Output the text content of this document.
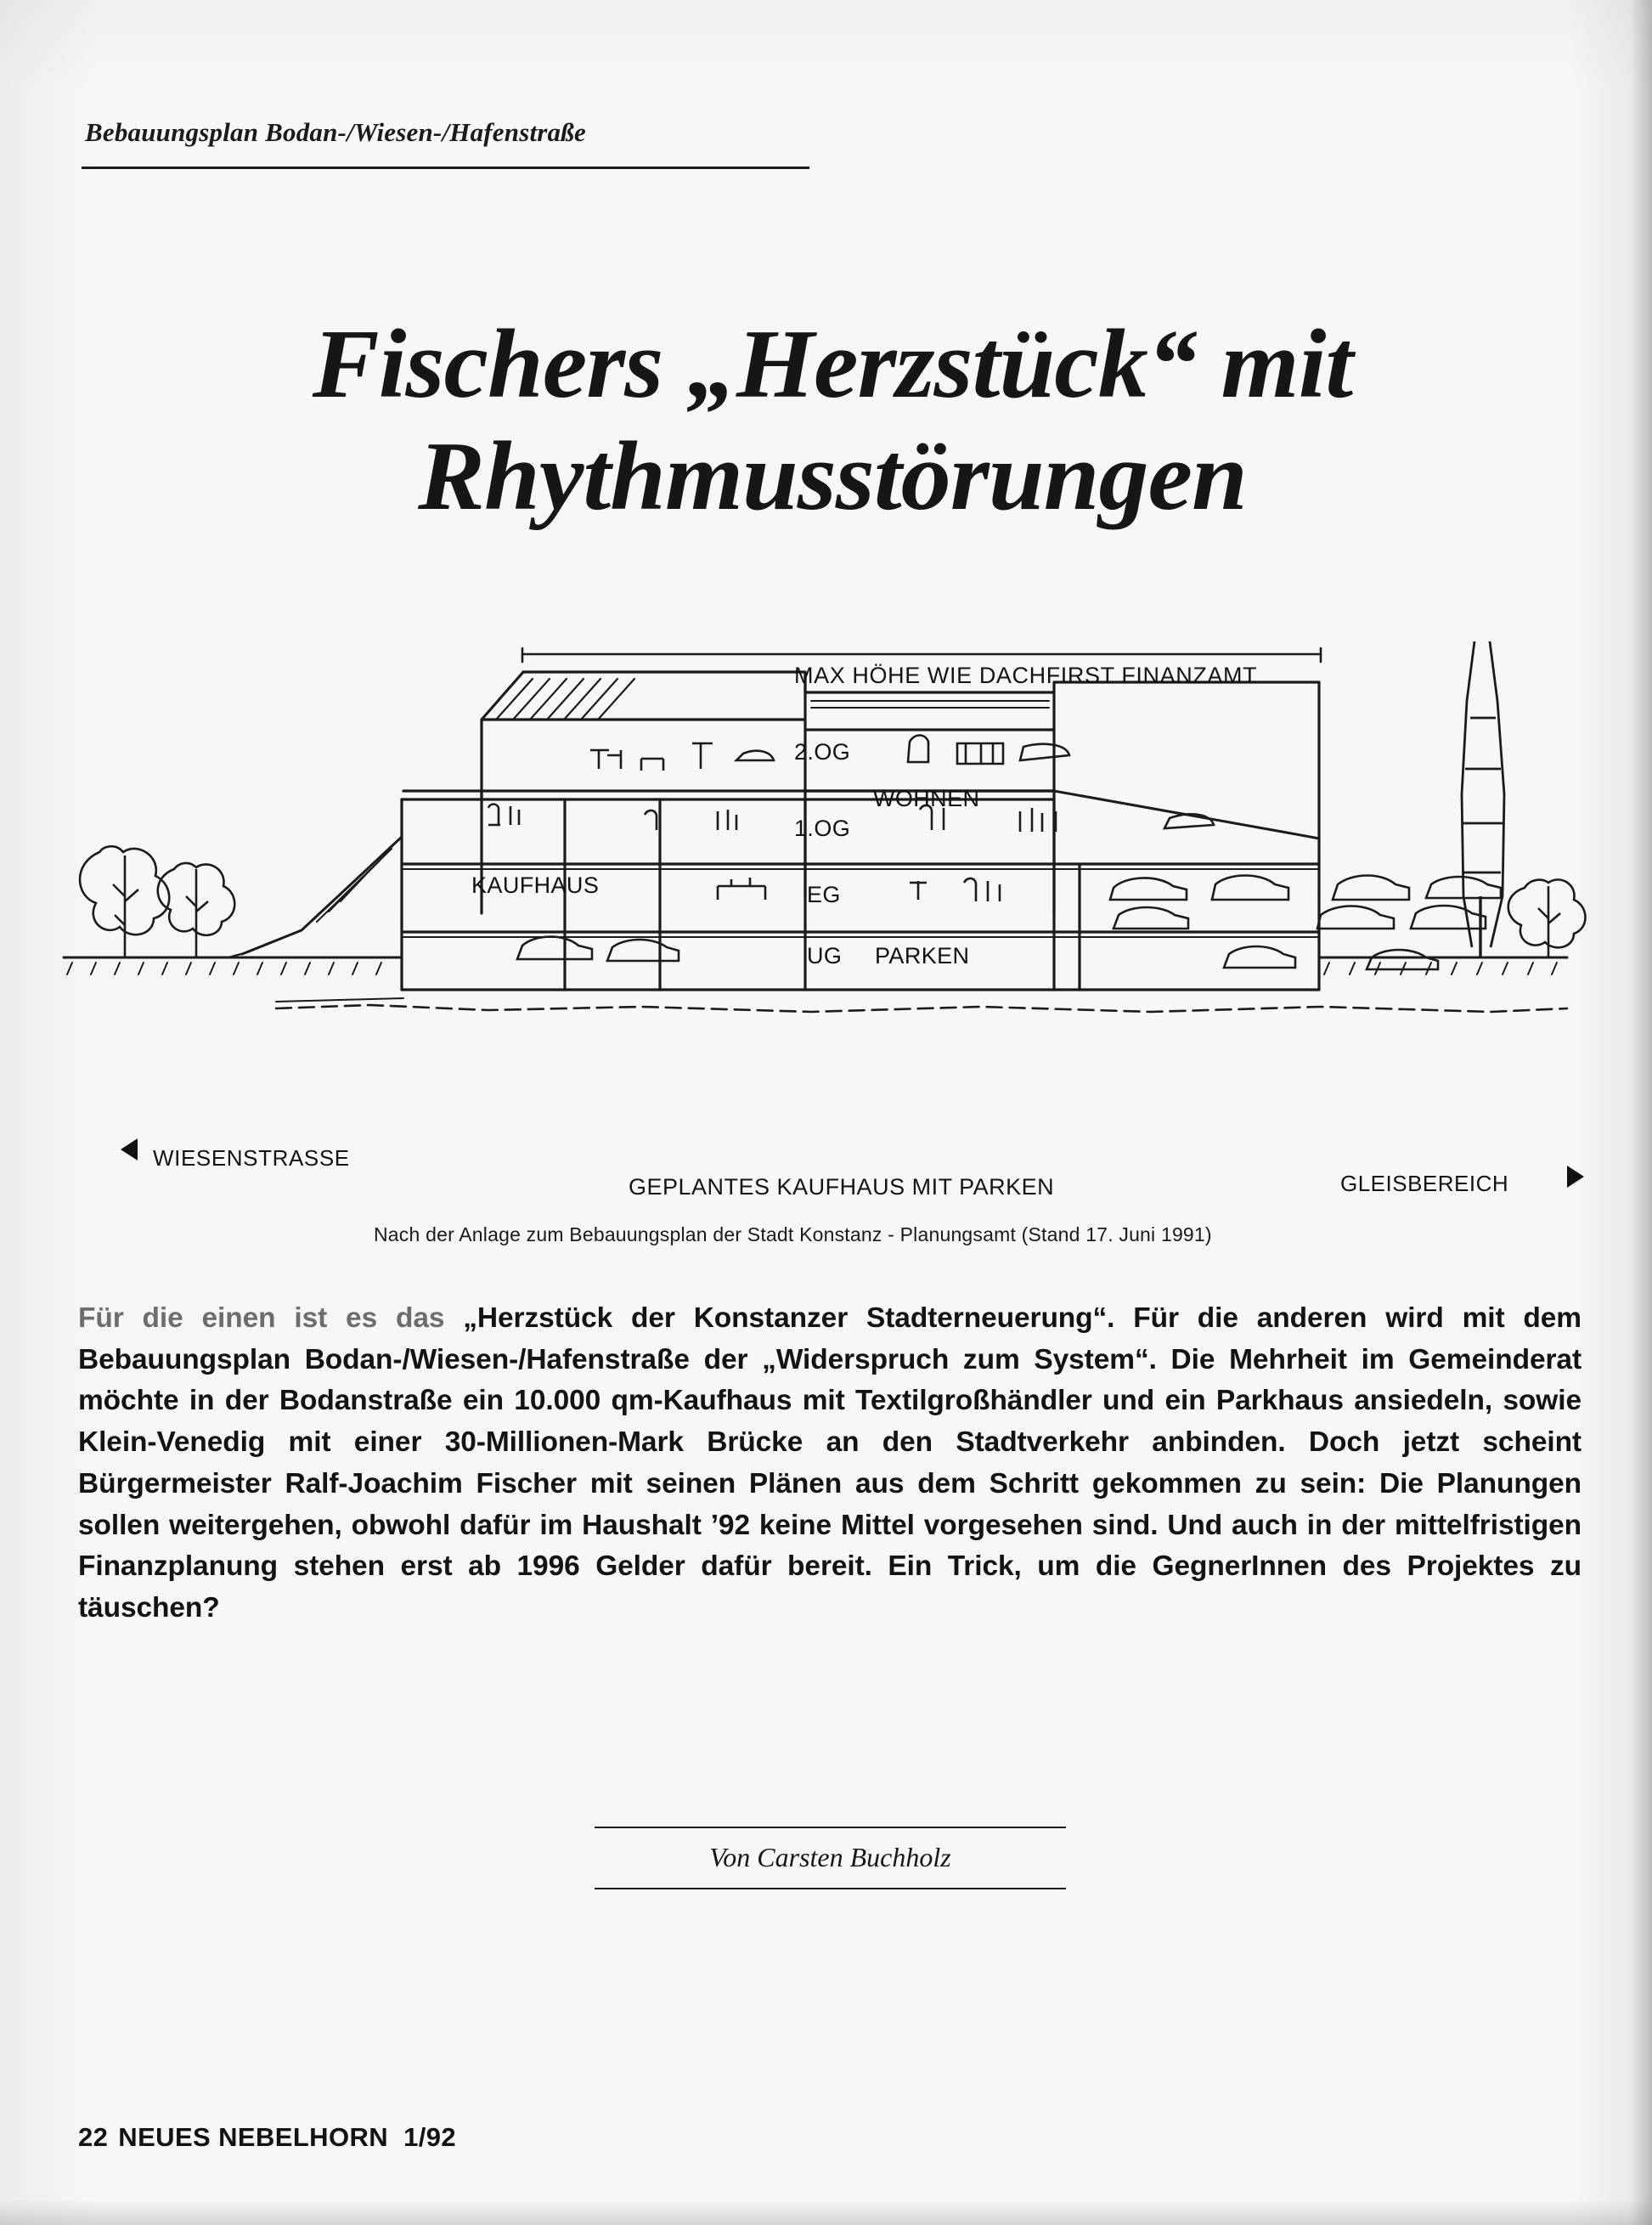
Bebauungsplan Bodan-/Wiesen-/Hafenstraße
Fischers „Herzstück“ mit
Rhythmusstörungen
2.OG
WOHNEN
1.OG
KAUFHAUS	EG
UG PARKEN
MAX HÖHE WIE DACHFIRST FINANZAMT
WIESENSTRASSE
GEPLANTES KAUFHAUS MIT PARKEN	GLEISBEREICH
Nach der Anlage zum Bebauungsplan der Stadt Konstanz - Planungsamt (Stand 17. Juni 1991)
Für die einen ist es das „Herzstück der Konstanzer Stadterneuerung“. Für die anderen wird mit dem Bebauungsplan Bodan-/Wiesen-/Hafenstraße der „Widerspruch zum System“. Die Mehrheit im Gemeinderat möchte in der Bodanstraße ein 10.000 qm-Kaufhaus mit Textilgroßhändler und ein Parkhaus ansiedeln, sowie Klein-Venedig mit einer 30-Millionen-Mark Brücke an den Stadtverkehr anbinden. Doch jetzt scheint Bürgermeister Ralf-Joachim Fischer mit seinen Plänen aus dem Schritt gekommen zu sein: Die Planungen sollen weitergehen, obwohl dafür im Haushalt ’92 keine Mittel vorgesehen sind. Und auch in der mittelfristigen Finanzplanung stehen erst ab 1996 Gelder dafür bereit. Ein Trick, um die GegnerInnen des Projektes zu täuschen?
Von Carsten Buchholz
22 NEUES NEBELHORN 1/92
